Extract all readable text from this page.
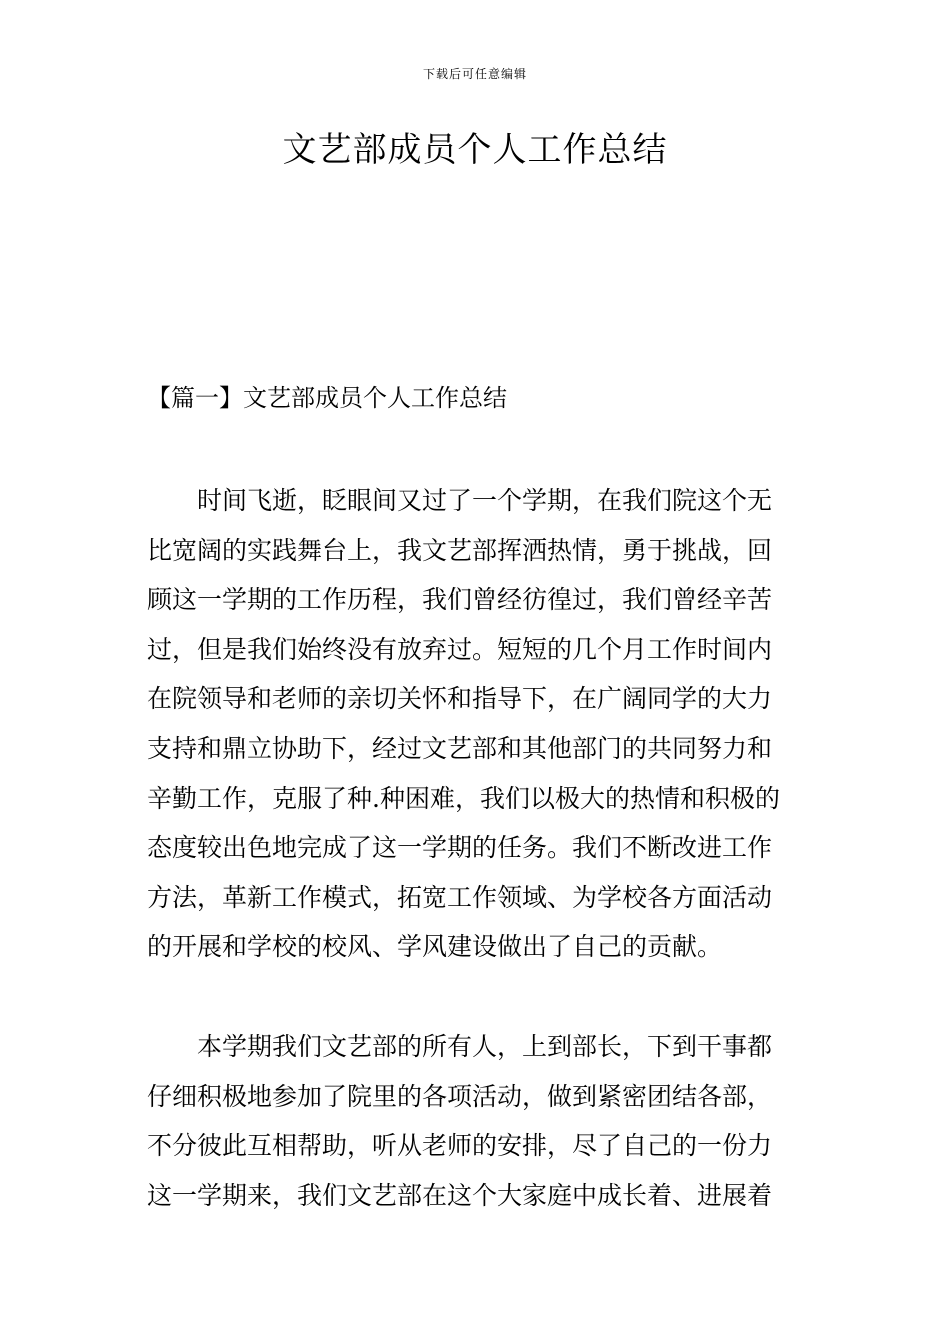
下载后可任意编辑
文艺部成员个人工作总结
【篇一】文艺部成员个人工作总结
时间飞逝，眨眼间又过了一个学期，在我们院这个无
比宽阔的实践舞台上，我文艺部挥洒热情，勇于挑战，回
顾这一学期的工作历程，我们曾经彷徨过，我们曾经辛苦
过，但是我们始终没有放弃过。短短的几个月工作时间内
在院领导和老师的亲切关怀和指导下，在广阔同学的大力
支持和鼎立协助下，经过文艺部和其他部门的共同努力和
辛勤工作，克服了种.种困难，我们以极大的热情和积极的
态度较出色地完成了这一学期的任务。我们不断改进工作
方法，革新工作模式，拓宽工作领域、为学校各方面活动
的开展和学校的校风、学风建设做出了自己的贡献。
本学期我们文艺部的所有人，上到部长，下到干事都
仔细积极地参加了院里的各项活动，做到紧密团结各部，
不分彼此互相帮助，听从老师的安排，尽了自己的一份力
这一学期来，我们文艺部在这个大家庭中成长着、进展着
